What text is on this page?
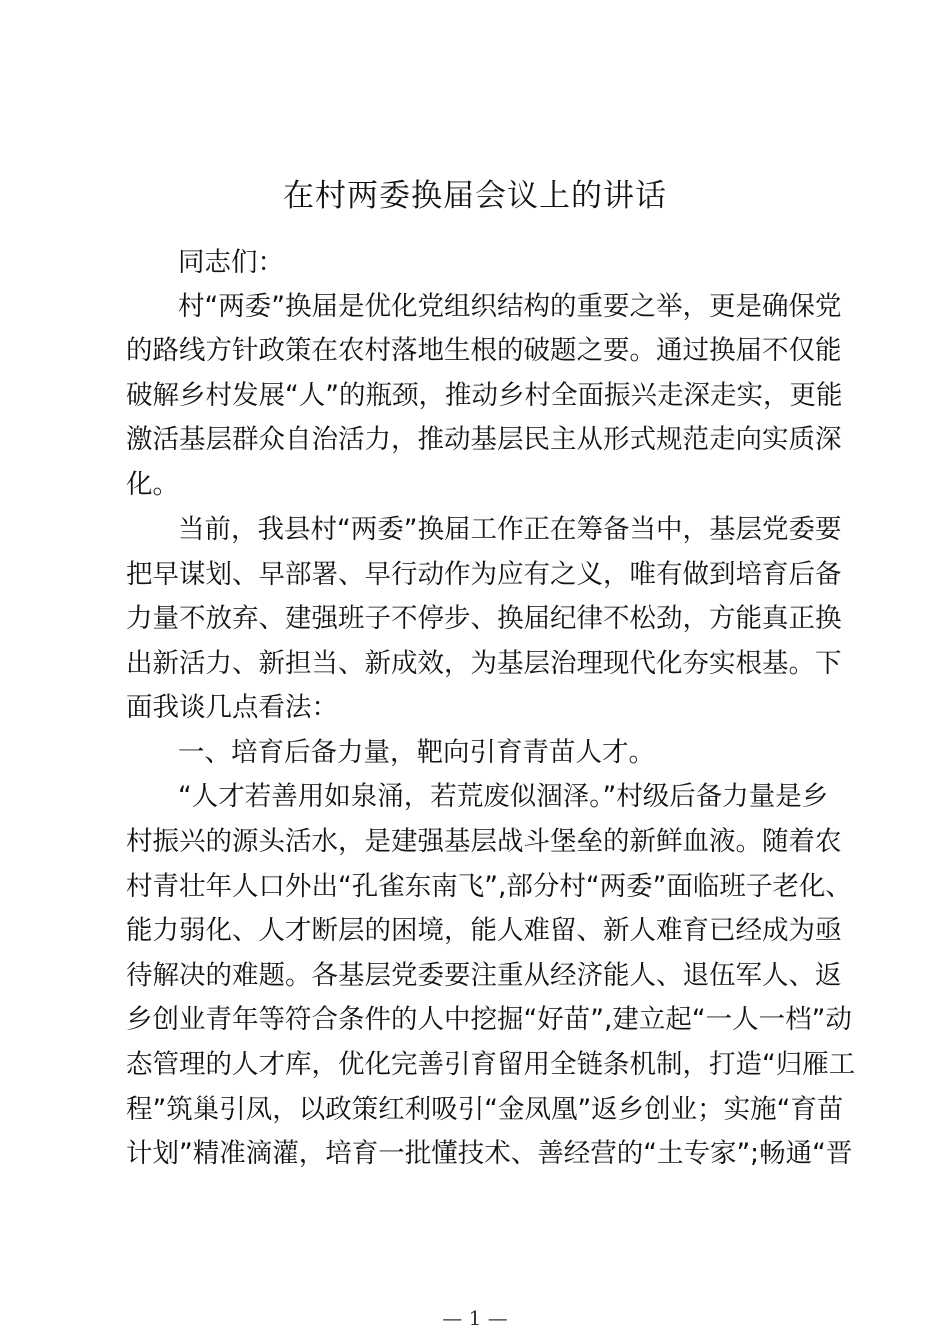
在村两委换届会议上的讲话
同志们：
村“两委”换届是优化党组织结构的重要之举，更是确保党
的路线方针政策在农村落地生根的破题之要。通过换届不仅能
破解乡村发展“人”的瓶颈，推动乡村全面振兴走深走实，更能
激活基层群众自治活力，推动基层民主从形式规范走向实质深
化。
当前，我县村“两委”换届工作正在筹备当中，基层党委要
把早谋划、早部署、早行动作为应有之义，唯有做到培育后备
力量不放弃、建强班子不停步、换届纪律不松劲，方能真正换
出新活力、新担当、新成效，为基层治理现代化夯实根基。下
面我谈几点看法：
一、培育后备力量，靶向引育青苗人才。
“人才若善用如泉涌，若荒废似涸泽。”村级后备力量是乡
村振兴的源头活水，是建强基层战斗堡垒的新鲜血液。随着农
村青壮年人口外出“孔雀东南飞”,部分村“两委”面临班子老化、
能力弱化、人才断层的困境，能人难留、新人难育已经成为亟
待解决的难题。各基层党委要注重从经济能人、退伍军人、返
乡创业青年等符合条件的人中挖掘“好苗”,建立起“一人一档”动
态管理的人才库，优化完善引育留用全链条机制，打造“归雁工
程”筑巢引凤，以政策红利吸引“金凤凰”返乡创业；实施“育苗
计划”精准滴灌，培育一批懂技术、善经营的“土专家”;畅通“晋
— 1 —
